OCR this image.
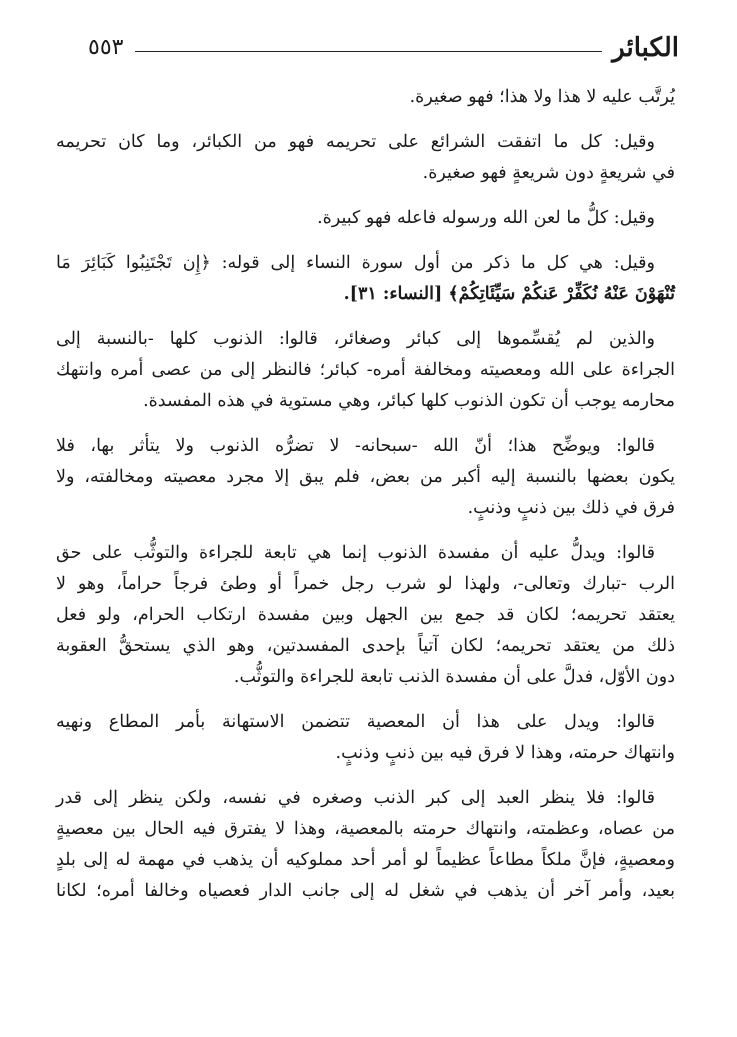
الكبائر
٥٥٣
يُرتَّب عليه لا هذا ولا هذا؛ فهو صغيرة.
وقيل: كل ما اتفقت الشرائع على تحريمه فهو من الكبائر، وما كان تحريمه
في شريعةٍ دون شريعةٍ فهو صغيرة.
وقيل: كلُّ ما لعن الله ورسوله فاعله فهو كبيرة.
وقيل: هي كل ما ذكر من أول سورة النساء إلى قوله: ﴿إِن تَجْتَنِبُوا كَبَائِرَ مَا
تُنْهَوْنَ عَنْهُ نُكَفِّرْ عَنكُمْ سَيِّئَاتِكُمْ﴾ [النساء: ٣١].
والذين لم يُقسِّموها إلى كبائر وصغائر، قالوا: الذنوب كلها -بالنسبة إلى
الجراءة على الله ومعصيته ومخالفة أمره- كبائر؛ فالنظر إلى من عصى أمره وانتهك
محارمه يوجب أن تكون الذنوب كلها كبائر، وهي مستوية في هذه المفسدة.
قالوا: ويوضِّح هذا؛ أنّ الله -سبحانه- لا تضرُّه الذنوب ولا يتأثر بها، فلا
يكون بعضها بالنسبة إليه أكبر من بعض، فلم يبق إلا مجرد معصيته ومخالفته، ولا
فرق في ذلك بين ذنبٍ وذنبٍ.
قالوا: ويدلُّ عليه أن مفسدة الذنوب إنما هي تابعة للجراءة والتوثُّب على حق
الرب -تبارك وتعالى-، ولهذا لو شرب رجل خمراً أو وطئ فرجاً حراماً، وهو لا
يعتقد تحريمه؛ لكان قد جمع بين الجهل وبين مفسدة ارتكاب الحرام، ولو فعل
ذلك من يعتقد تحريمه؛ لكان آتياً بإحدى المفسدتين، وهو الذي يستحقُّ العقوبة
دون الأوّل، فدلَّ على أن مفسدة الذنب تابعة للجراءة والتوثُّب.
قالوا: ويدل على هذا أن المعصية تتضمن الاستهانة بأمر المطاع ونهيه
وانتهاك حرمته، وهذا لا فرق فيه بين ذنبٍ وذنبٍ.
قالوا: فلا ينظر العبد إلى كبر الذنب وصغره في نفسه، ولكن ينظر إلى قدر
من عصاه، وعظمته، وانتهاك حرمته بالمعصية، وهذا لا يفترق فيه الحال بين معصيةٍ
ومعصيةٍ، فإنَّ ملكاً مطاعاً عظيماً لو أمر أحد مملوكيه أن يذهب في مهمة له إلى بلدٍ
بعيد، وأمر آخر أن يذهب في شغل له إلى جانب الدار فعصياه وخالفا أمره؛ لكانا
